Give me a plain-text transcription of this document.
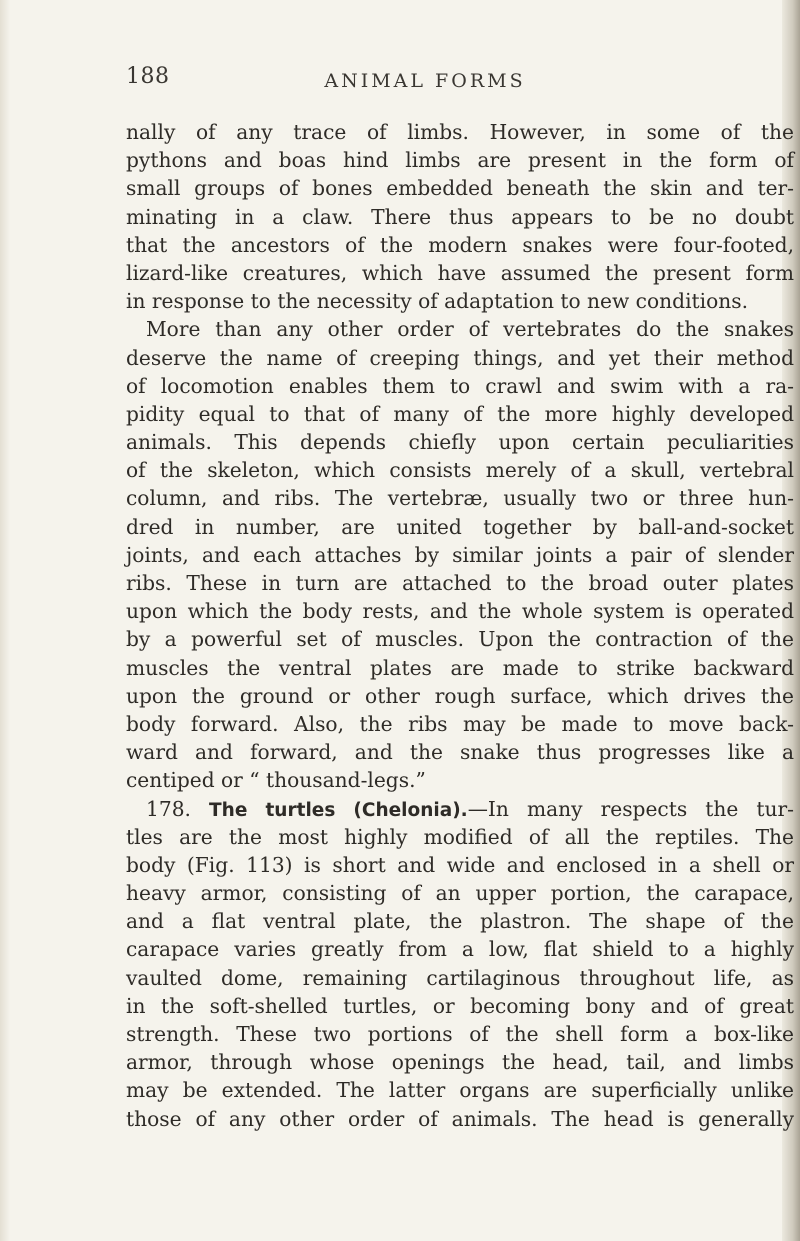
188	ANIMAL FORMS
nally of any trace of limbs. However, in some of the
pythons and boas hind limbs are present in the form of
small groups of bones embedded beneath the skin and ter-
minating in a claw. There thus appears to be no doubt
that the ancestors of the modern snakes were four-footed,
lizard-like creatures, which have assumed the present form
in response to the necessity of adaptation to new conditions.
More than any other order of vertebrates do the snakes
deserve the name of creeping things, and yet their method
of locomotion enables them to crawl and swim with a ra-
pidity equal to that of many of the more highly developed
animals. This depends chiefly upon certain peculiarities
of the skeleton, which consists merely of a skull, vertebral
column, and ribs. The vertebræ, usually two or three hun-
dred in number, are united together by ball-and-socket
joints, and each attaches by similar joints a pair of slender
ribs. These in turn are attached to the broad outer plates
upon which the body rests, and the whole system is operated
by a powerful set of muscles. Upon the contraction of the
muscles the ventral plates are made to strike backward
upon the ground or other rough surface, which drives the
body forward. Also, the ribs may be made to move back-
ward and forward, and the snake thus progresses like a
centiped or “ thousand-legs.”
178. The turtles (Chelonia).—In many respects the tur-
tles are the most highly modified of all the reptiles. The
body (Fig. 113) is short and wide and enclosed in a shell or
heavy armor, consisting of an upper portion, the carapace,
and a flat ventral plate, the plastron. The shape of the
carapace varies greatly from a low, flat shield to a highly
vaulted dome, remaining cartilaginous throughout life, as
in the soft-shelled turtles, or becoming bony and of great
strength. These two portions of the shell form a box-like
armor, through whose openings the head, tail, and limbs
may be extended. The latter organs are superficially unlike
those of any other order of animals. The head is generally
